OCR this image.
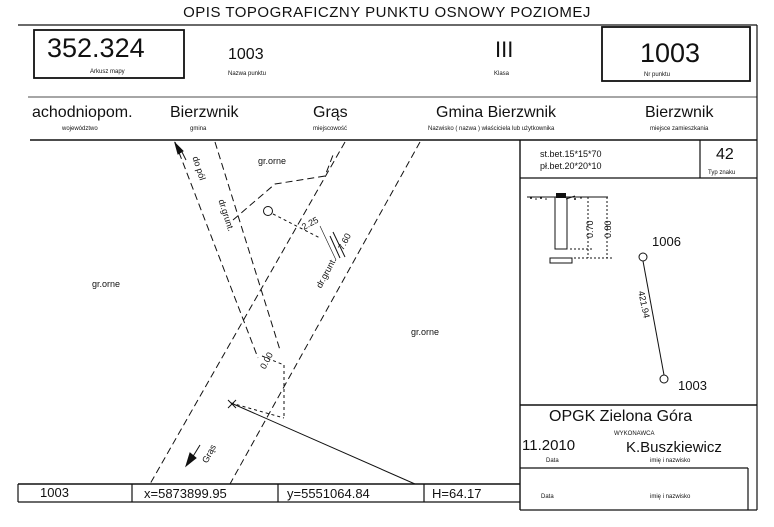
OPIS TOPOGRAFICZNY PUNKTU OSNOWY POZIOMEJ
352.324
Arkusz mapy
1003
Nazwa punktu
III
Klasa
1003
Nr punktu
achodniopom.
województwo
Bierzwnik
gmina
Grąs
miejscowość
Gmina Bierzwnik
Nazwisko ( nazwa ) właściciela lub użytkownika
Bierzwnik
miejsce zamieszkania
st.bet.15*15*70
pł.bet.20*20*10
42
Typ znaku
0.70 0.80
1006
1003
421.94
gr.orne
gr.orne
gr.orne
do pól
dr.grunt.
dr.grunt.
Grąs
2.25
7.60
0.00
OPGK Zielona Góra
WYKONAWCA
11.2010
Data
K.Buszkiewicz
imię i nazwisko
Data	imię i nazwisko
1003	x=5873899.95	y=5551064.84	H=64.17
